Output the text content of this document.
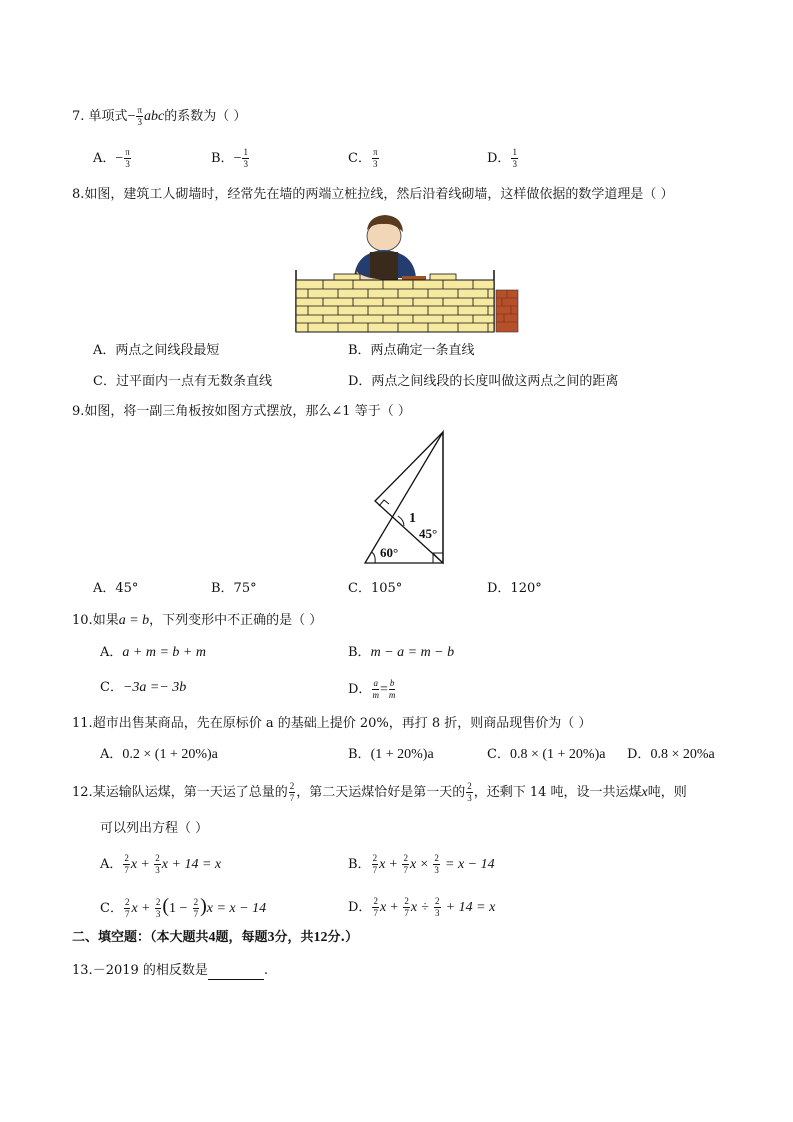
7. 单项式− $\frac{\pi}{3}$ abc的系数为（ ）
A．− $\frac{\pi}{3}$	B．− $\frac{1}{3}$	C． $\frac{\pi}{3}$	D． $\frac{1}{3}$
8.如图，建筑工人砌墙时，经常先在墙的两端立桩拉线，然后沿着线砌墙，这样做依据的数学道理是（ ）
A．两点之间线段最短	B．两点确定一条直线
C．过平面内一点有无数条直线	D．两点之间线段的长度叫做这两点之间的距离
9.如图，将一副三角板按如图方式摆放，那么∠1 等于（ ）
1
45°
60°
A．45°	B．75°	C．105°	D．120°
10.如果a = b，下列变形中不正确的是（ ）
A．a + m = b + m	B．m − a = m − b
C．−3a =− 3b	D． $\frac{a}{m} = \frac{b}{m}$
11.超市出售某商品，先在原标价 a 的基础上提价 20%，再打 8 折，则商品现售价为（ ）
A．0.2 × (1 + 20%)a	B．(1 + 20%)a	C．0.8 × (1 + 20%)a D．0.8 × 20%a
12.某运输队运煤，第一天运了总量的 $\frac{2}{7}$ ，第二天运煤恰好是第一天的 $\frac{2}{3}$ ，还剩下 14 吨，设一共运煤x吨，则
可以列出方程（ ）
A． $\frac{2}{7}$ $x + \frac{2}{3}$ x + 14 = x	B． $\frac{2}{7}$ $x + \frac{2}{7}$ $x \times \frac{2}{3} = x - 14$
C． $\frac{2}{7}$ $x + \frac{2}{3} (1 - \frac{2}{7} )x = x - 14$	D． $\frac{2}{7}$ $x + \frac{2}{7}$ $x \div \frac{2}{3} + 14 = x$
二、填空题：（本大题共4题，每题3分，共12分.）
13.－2019 的相反数是	.
